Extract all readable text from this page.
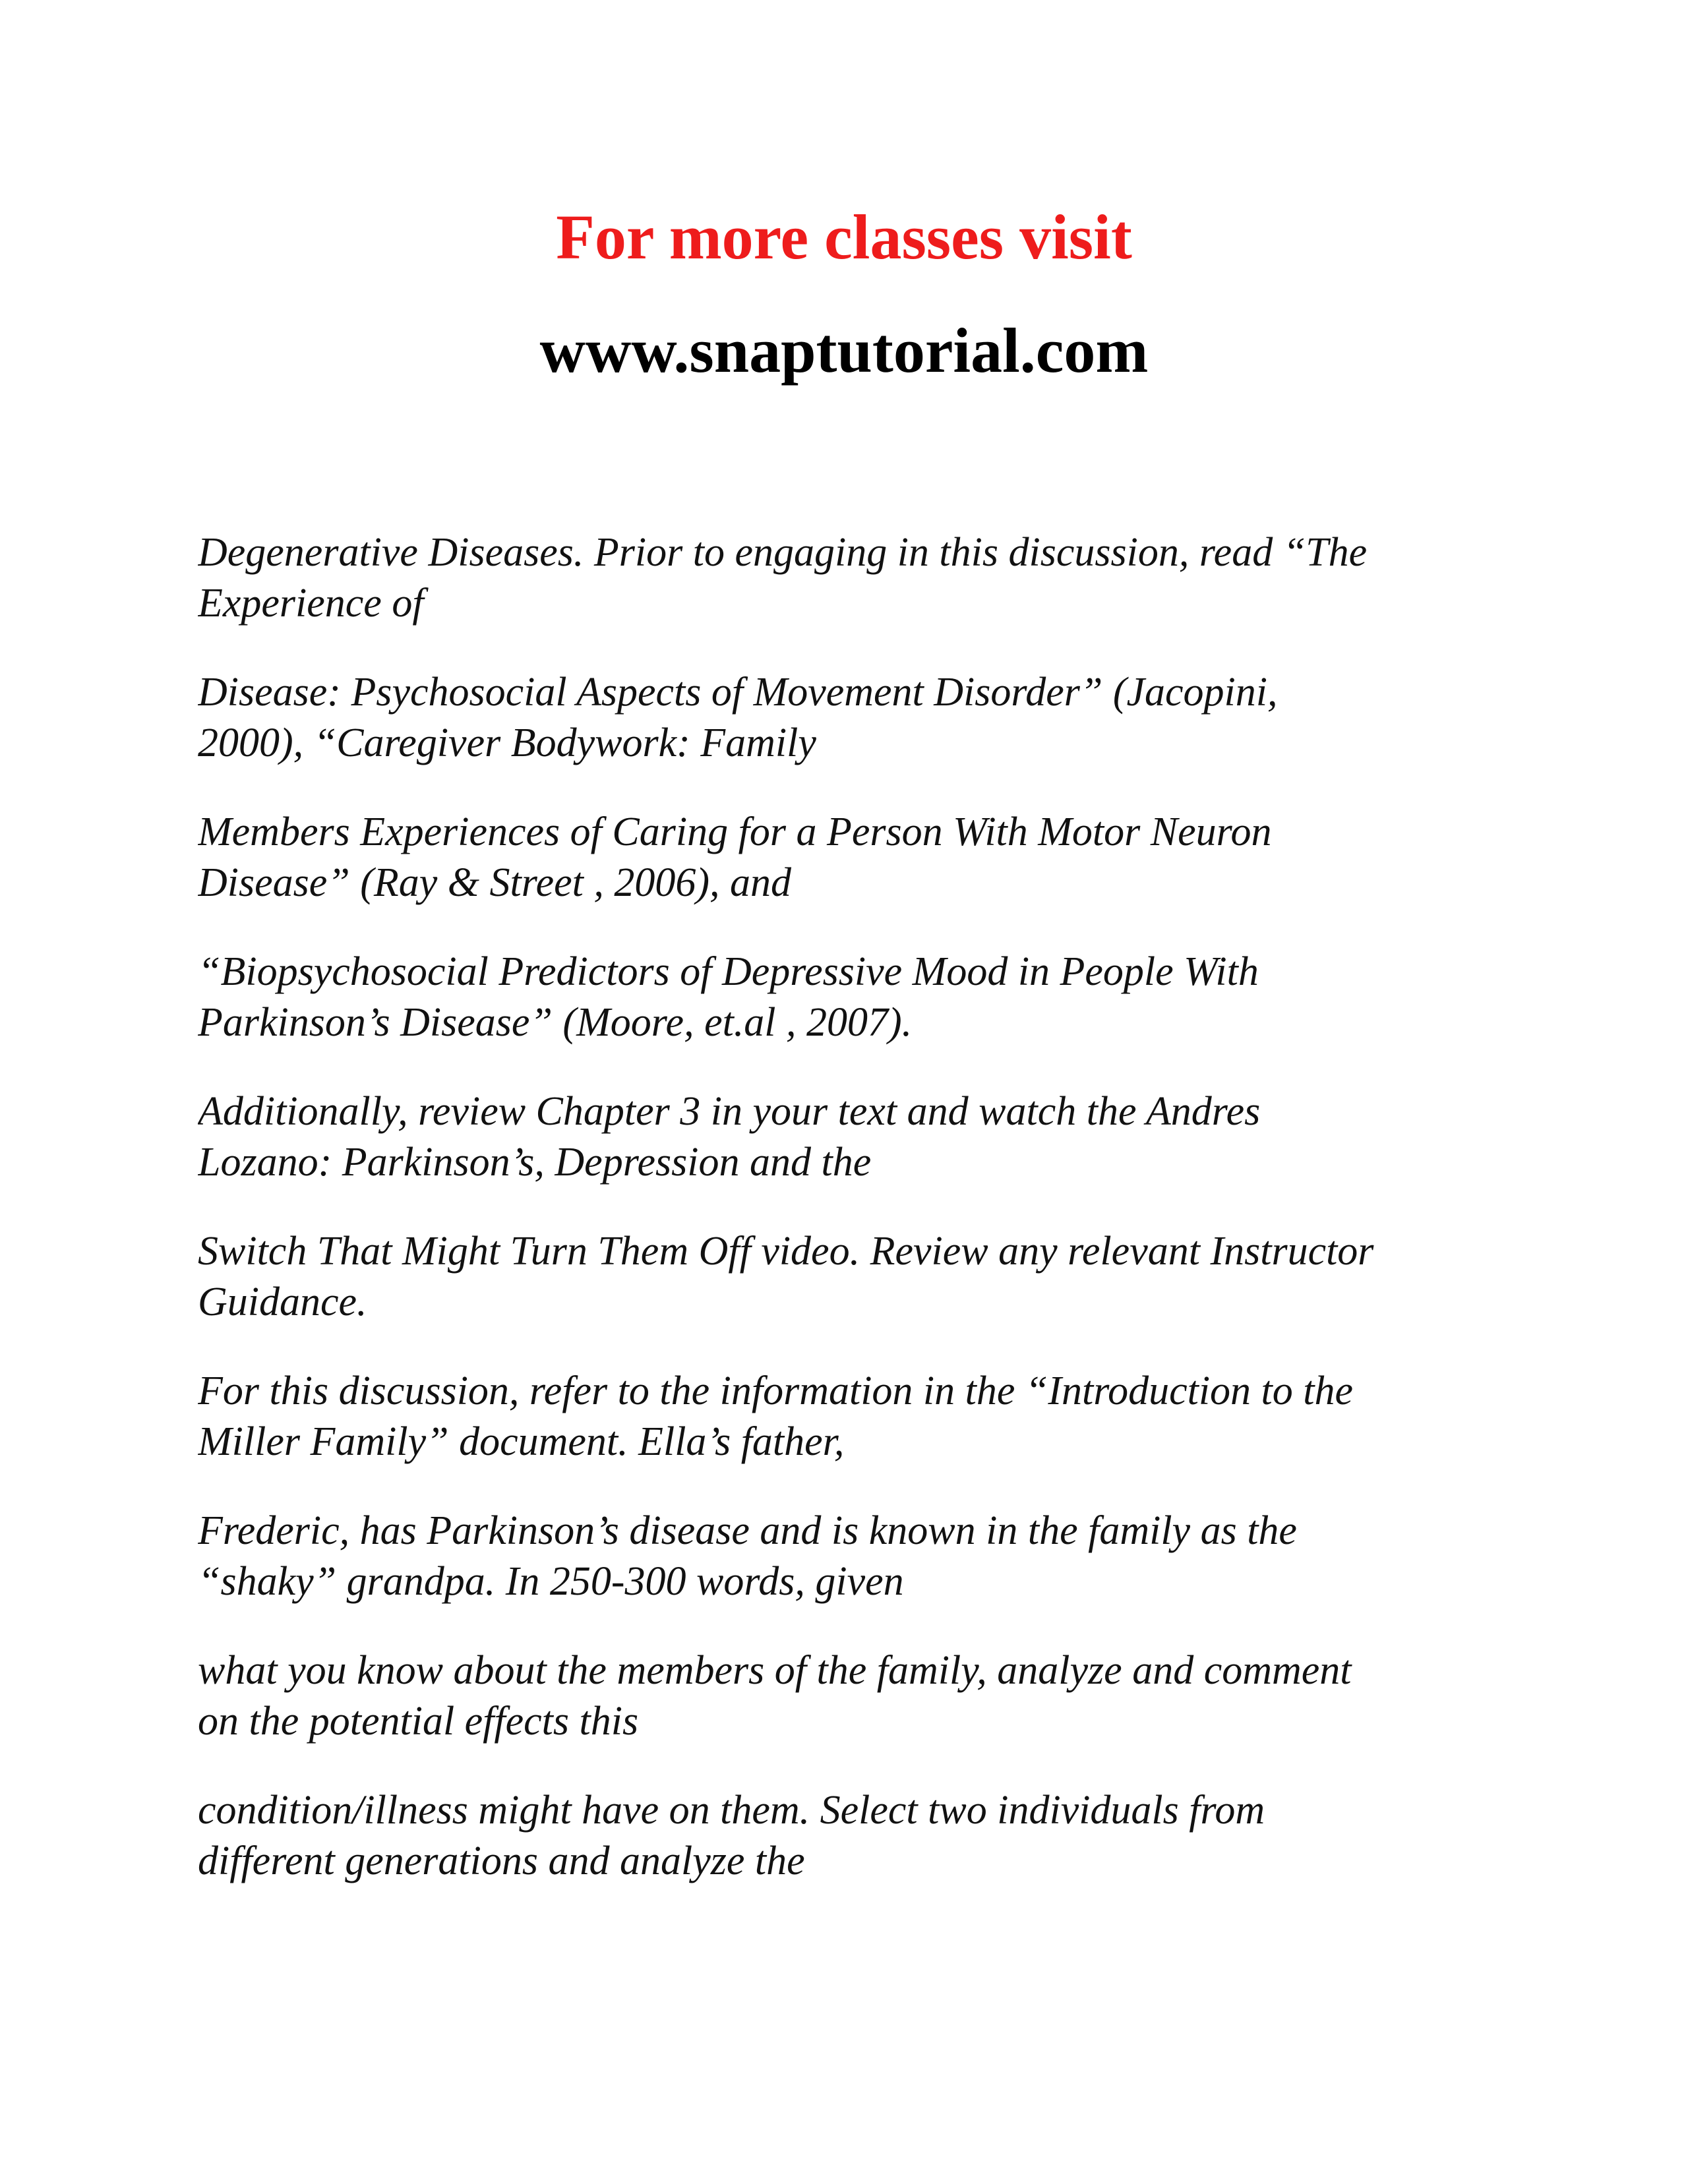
For more classes visit
www.snaptutorial.com

Degenerative Diseases. Prior to engaging in this discussion, read “The
Experience of

Disease: Psychosocial Aspects of Movement Disorder” (Jacopini,
2000), “Caregiver Bodywork: Family

Members Experiences of Caring for a Person With Motor Neuron
Disease” (Ray & Street , 2006), and

“Biopsychosocial Predictors of Depressive Mood in People With
Parkinson’s Disease” (Moore, et.al , 2007).

Additionally, review Chapter 3 in your text and watch the Andres
Lozano: Parkinson’s, Depression and the

Switch That Might Turn Them Off video. Review any relevant Instructor
Guidance.

For this discussion, refer to the information in the “Introduction to the
Miller Family” document. Ella’s father,

Frederic, has Parkinson’s disease and is known in the family as the
“shaky” grandpa. In 250-300 words, given

what you know about the members of the family, analyze and comment
on the potential effects this

condition/illness might have on them. Select two individuals from
different generations and analyze the
